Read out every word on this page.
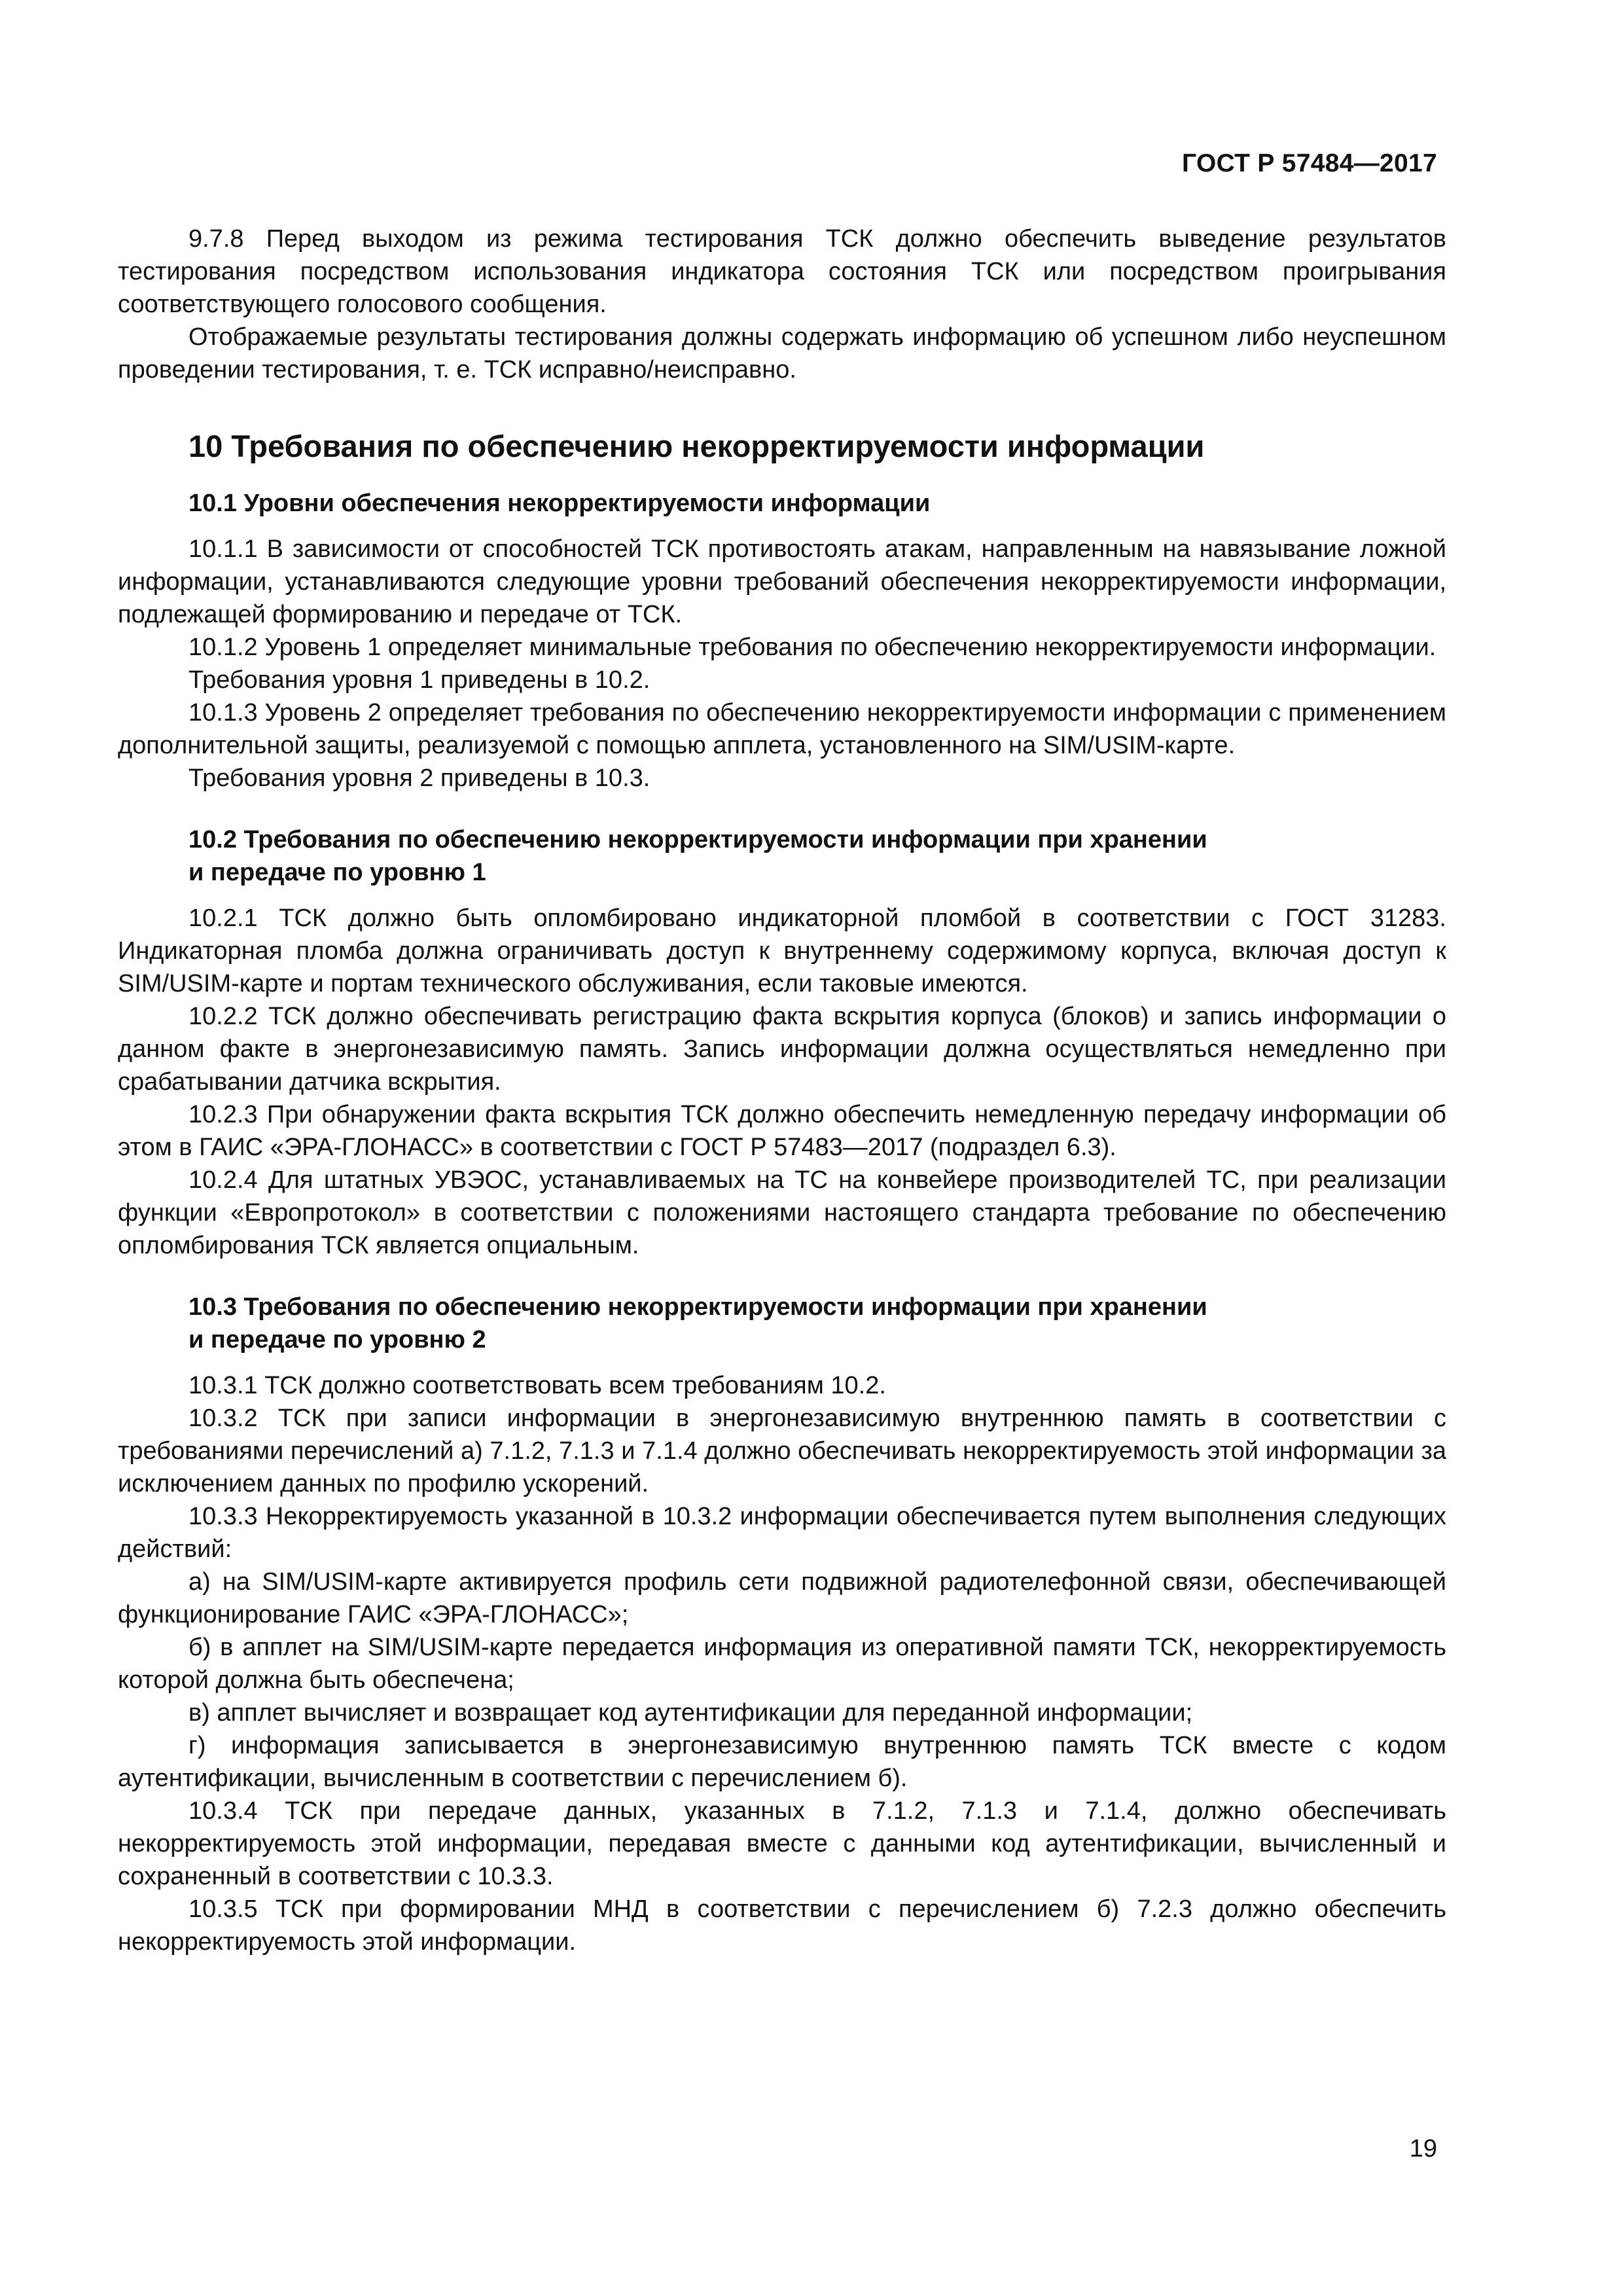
ГОСТ Р 57484—2017

9.7.8 Перед выходом из режима тестирования ТСК должно обеспечить выведение результатов тестирования посредством использования индикатора состояния ТСК или посредством проигрывания соответствующего голосового сообщения.

Отображаемые результаты тестирования должны содержать информацию об успешном либо неуспешном проведении тестирования, т. е. ТСК исправно/неисправно.

10 Требования по обеспечению некорректируемости информации
10.1 Уровни обеспечения некорректируемости информации

10.1.1 В зависимости от способностей ТСК противостоять атакам, направленным на навязывание ложной информации, устанавливаются следующие уровни требований обеспечения некорректируемости информации, подлежащей формированию и передаче от ТСК.

10.1.2 Уровень 1 определяет минимальные требования по обеспечению некорректируемости информации.

Требования уровня 1 приведены в 10.2.

10.1.3 Уровень 2 определяет требования по обеспечению некорректируемости информации с применением дополнительной защиты, реализуемой с помощью апплета, установленного на SIM/USIM-карте.

Требования уровня 2 приведены в 10.3.

10.2 Требования по обеспечению некорректируемости информации при хранении
и передаче по уровню 1

10.2.1 ТСК должно быть опломбировано индикаторной пломбой в соответствии с ГОСТ 31283. Индикаторная пломба должна ограничивать доступ к внутреннему содержимому корпуса, включая доступ к SIM/USIM-карте и портам технического обслуживания, если таковые имеются.

10.2.2 ТСК должно обеспечивать регистрацию факта вскрытия корпуса (блоков) и запись информации о данном факте в энергонезависимую память. Запись информации должна осуществляться немедленно при срабатывании датчика вскрытия.

10.2.3 При обнаружении факта вскрытия ТСК должно обеспечить немедленную передачу информации об этом в ГАИС «ЭРА-ГЛОНАСС» в соответствии с ГОСТ Р 57483—2017 (подраздел 6.3).

10.2.4 Для штатных УВЭОС, устанавливаемых на ТС на конвейере производителей ТС, при реализации функции «Европротокол» в соответствии с положениями настоящего стандарта требование по обеспечению опломбирования ТСК является опциальным.

10.3 Требования по обеспечению некорректируемости информации при хранении
и передаче по уровню 2

10.3.1 ТСК должно соответствовать всем требованиям 10.2.

10.3.2 ТСК при записи информации в энергонезависимую внутреннюю память в соответствии с требованиями перечислений а) 7.1.2, 7.1.3 и 7.1.4 должно обеспечивать некорректируемость этой информации за исключением данных по профилю ускорений.

10.3.3 Некорректируемость указанной в 10.3.2 информации обеспечивается путем выполнения следующих действий:

а) на SIM/USIM-карте активируется профиль сети подвижной радиотелефонной связи, обеспечивающей функционирование ГАИС «ЭРА-ГЛОНАСС»;

б) в апплет на SIM/USIM-карте передается информация из оперативной памяти ТСК, некорректируемость которой должна быть обеспечена;

в) апплет вычисляет и возвращает код аутентификации для переданной информации;

г) информация записывается в энергонезависимую внутреннюю память ТСК вместе с кодом аутентификации, вычисленным в соответствии с перечислением б).

10.3.4 ТСК при передаче данных, указанных в 7.1.2, 7.1.3 и 7.1.4, должно обеспечивать некорректируемость этой информации, передавая вместе с данными код аутентификации, вычисленный и сохраненный в соответствии с 10.3.3.

10.3.5 ТСК при формировании МНД в соответствии с перечислением б) 7.2.3 должно обеспечить некорректируемость этой информации.

19
